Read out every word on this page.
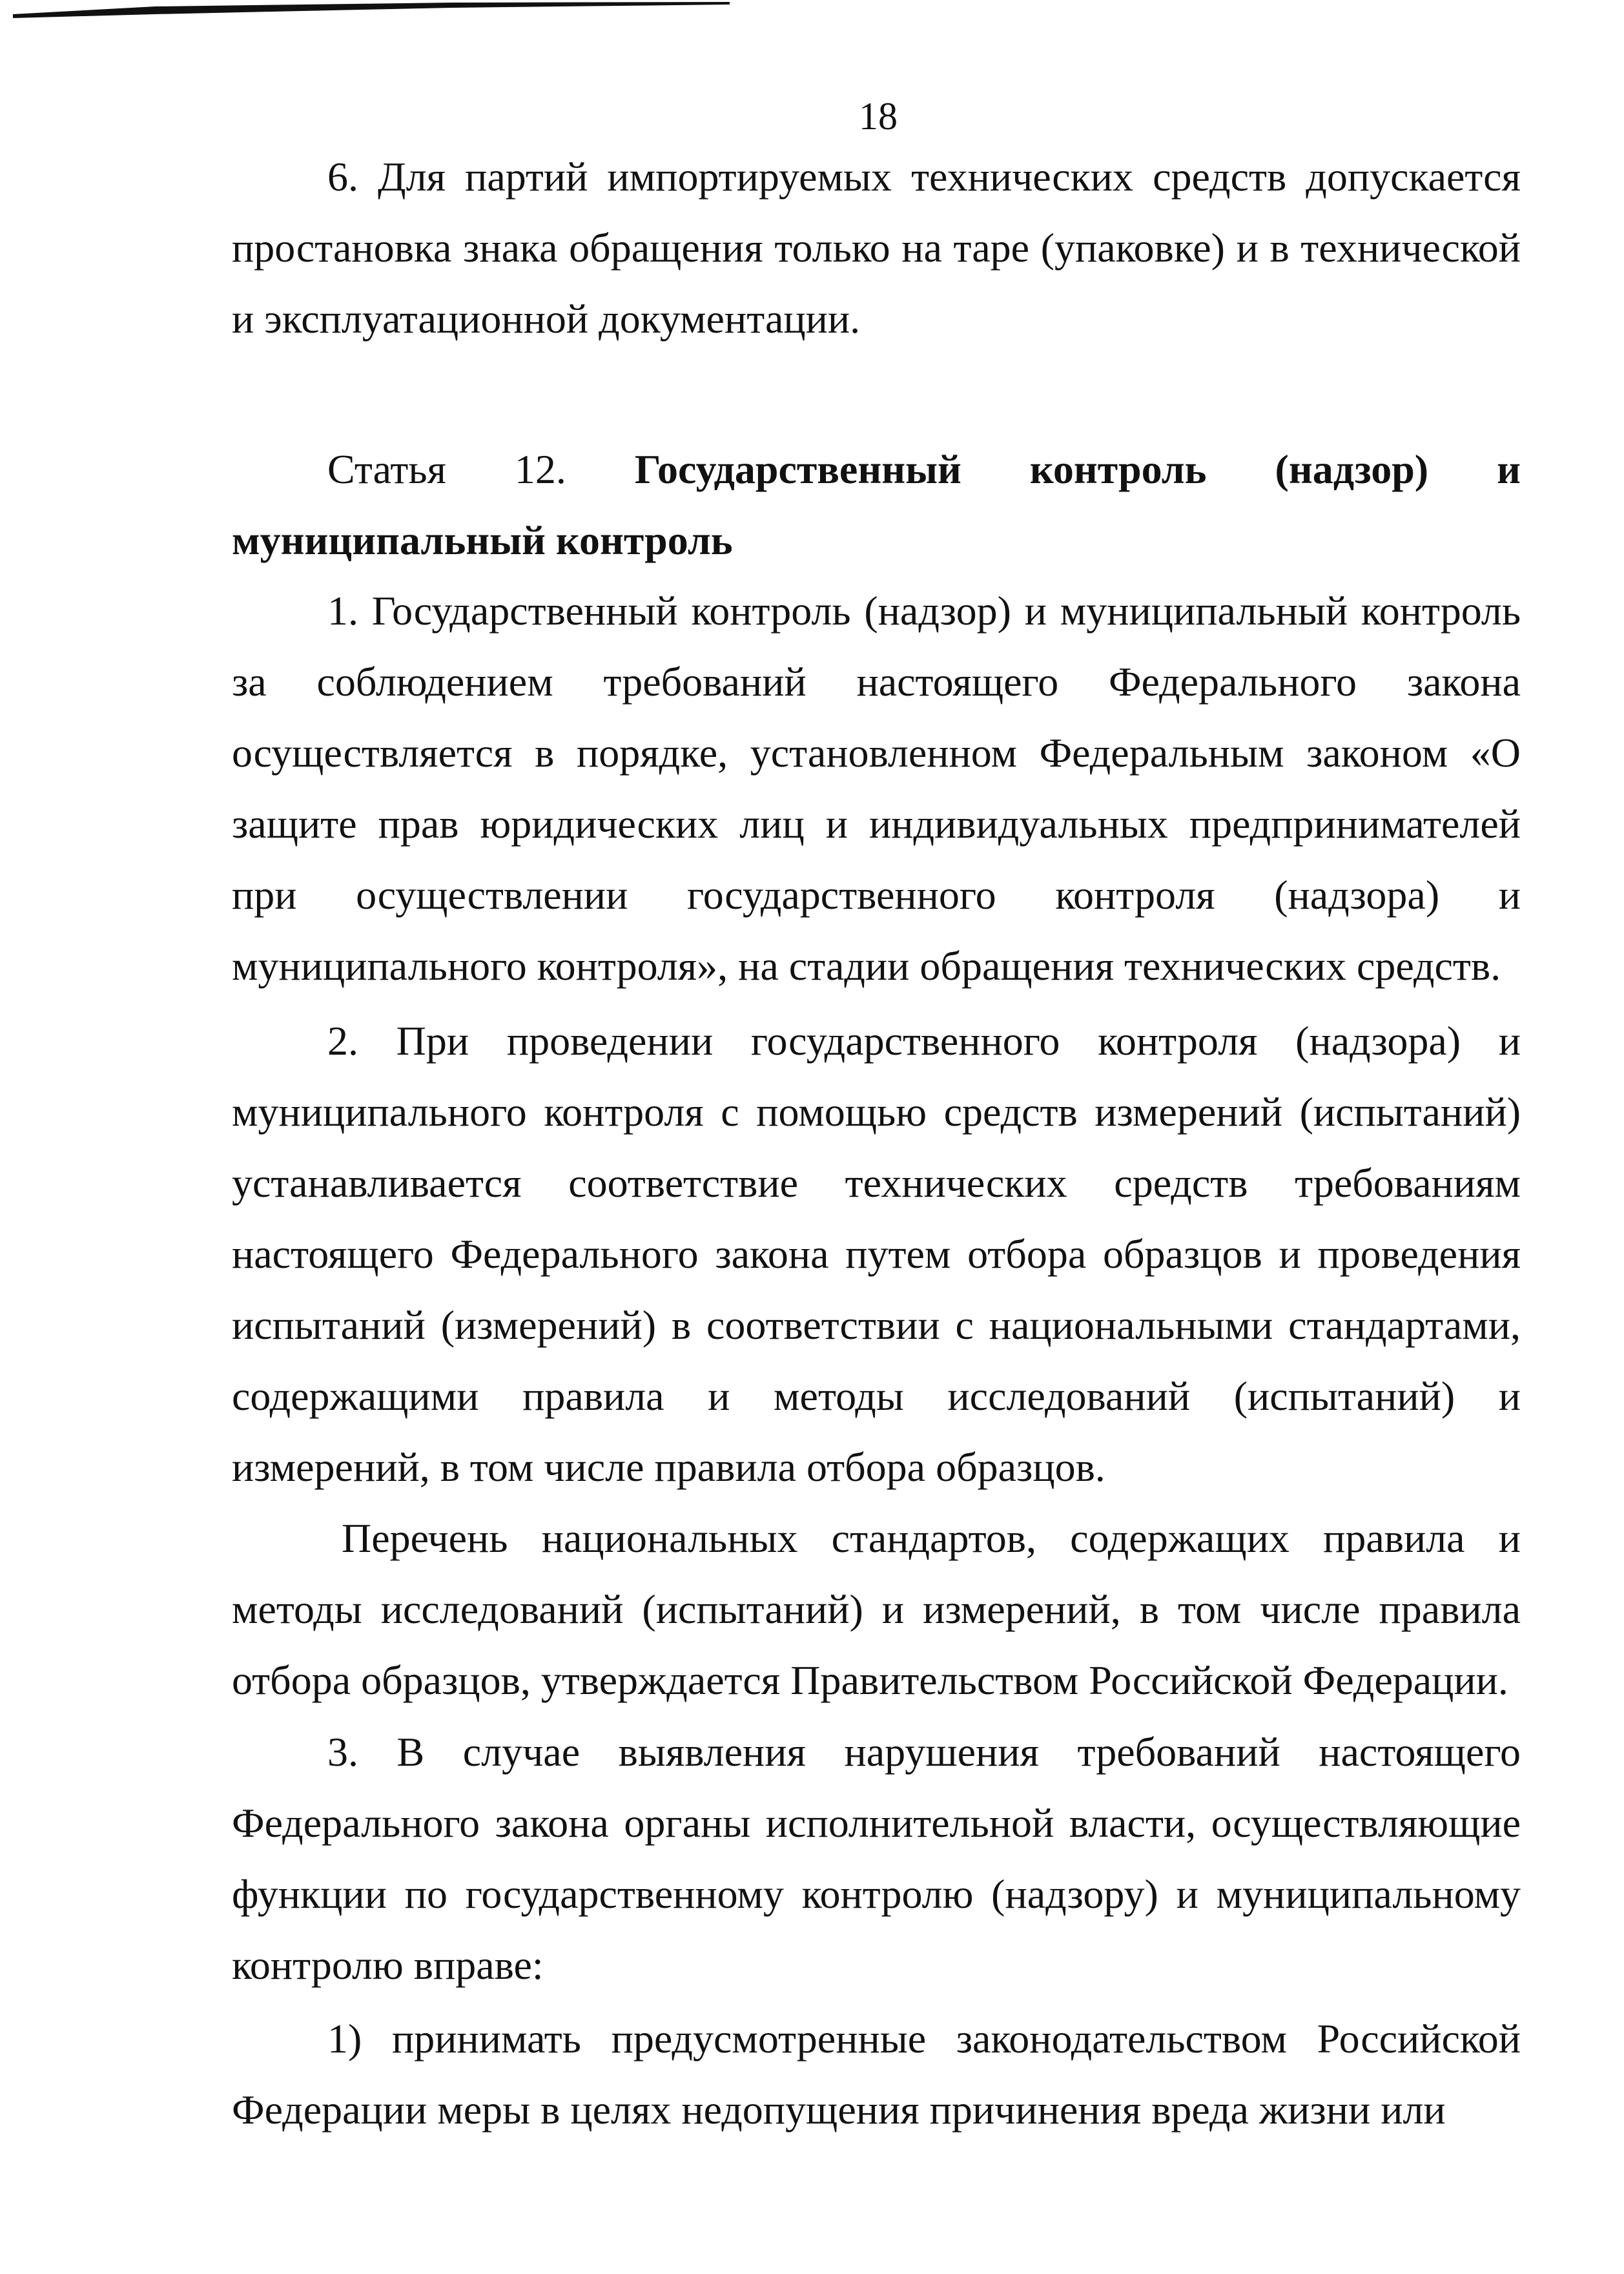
18
6. Для партий импортируемых технических средств допускается
простановка знака обращения только на таре (упаковке) и в технической
и эксплуатационной документации.
Статья 12. Государственный контроль (надзор) и
муниципальный контроль
1. Государственный контроль (надзор) и муниципальный контроль
за соблюдением требований настоящего Федерального закона
осуществляется в порядке, установленном Федеральным законом «О
защите прав юридических лиц и индивидуальных предпринимателей
при осуществлении государственного контроля (надзора) и
муниципального контроля», на стадии обращения технических средств.
2. При проведении государственного контроля (надзора) и
муниципального контроля с помощью средств измерений (испытаний)
устанавливается соответствие технических средств требованиям
настоящего Федерального закона путем отбора образцов и проведения
испытаний (измерений) в соответствии с национальными стандартами,
содержащими правила и методы исследований (испытаний) и
измерений, в том числе правила отбора образцов.
Перечень национальных стандартов, содержащих правила и
методы исследований (испытаний) и измерений, в том числе правила
отбора образцов, утверждается Правительством Российской Федерации.
3. В случае выявления нарушения требований настоящего
Федерального закона органы исполнительной власти, осуществляющие
функции по государственному контролю (надзору) и муниципальному
контролю вправе:
1) принимать предусмотренные законодательством Российской
Федерации меры в целях недопущения причинения вреда жизни или
